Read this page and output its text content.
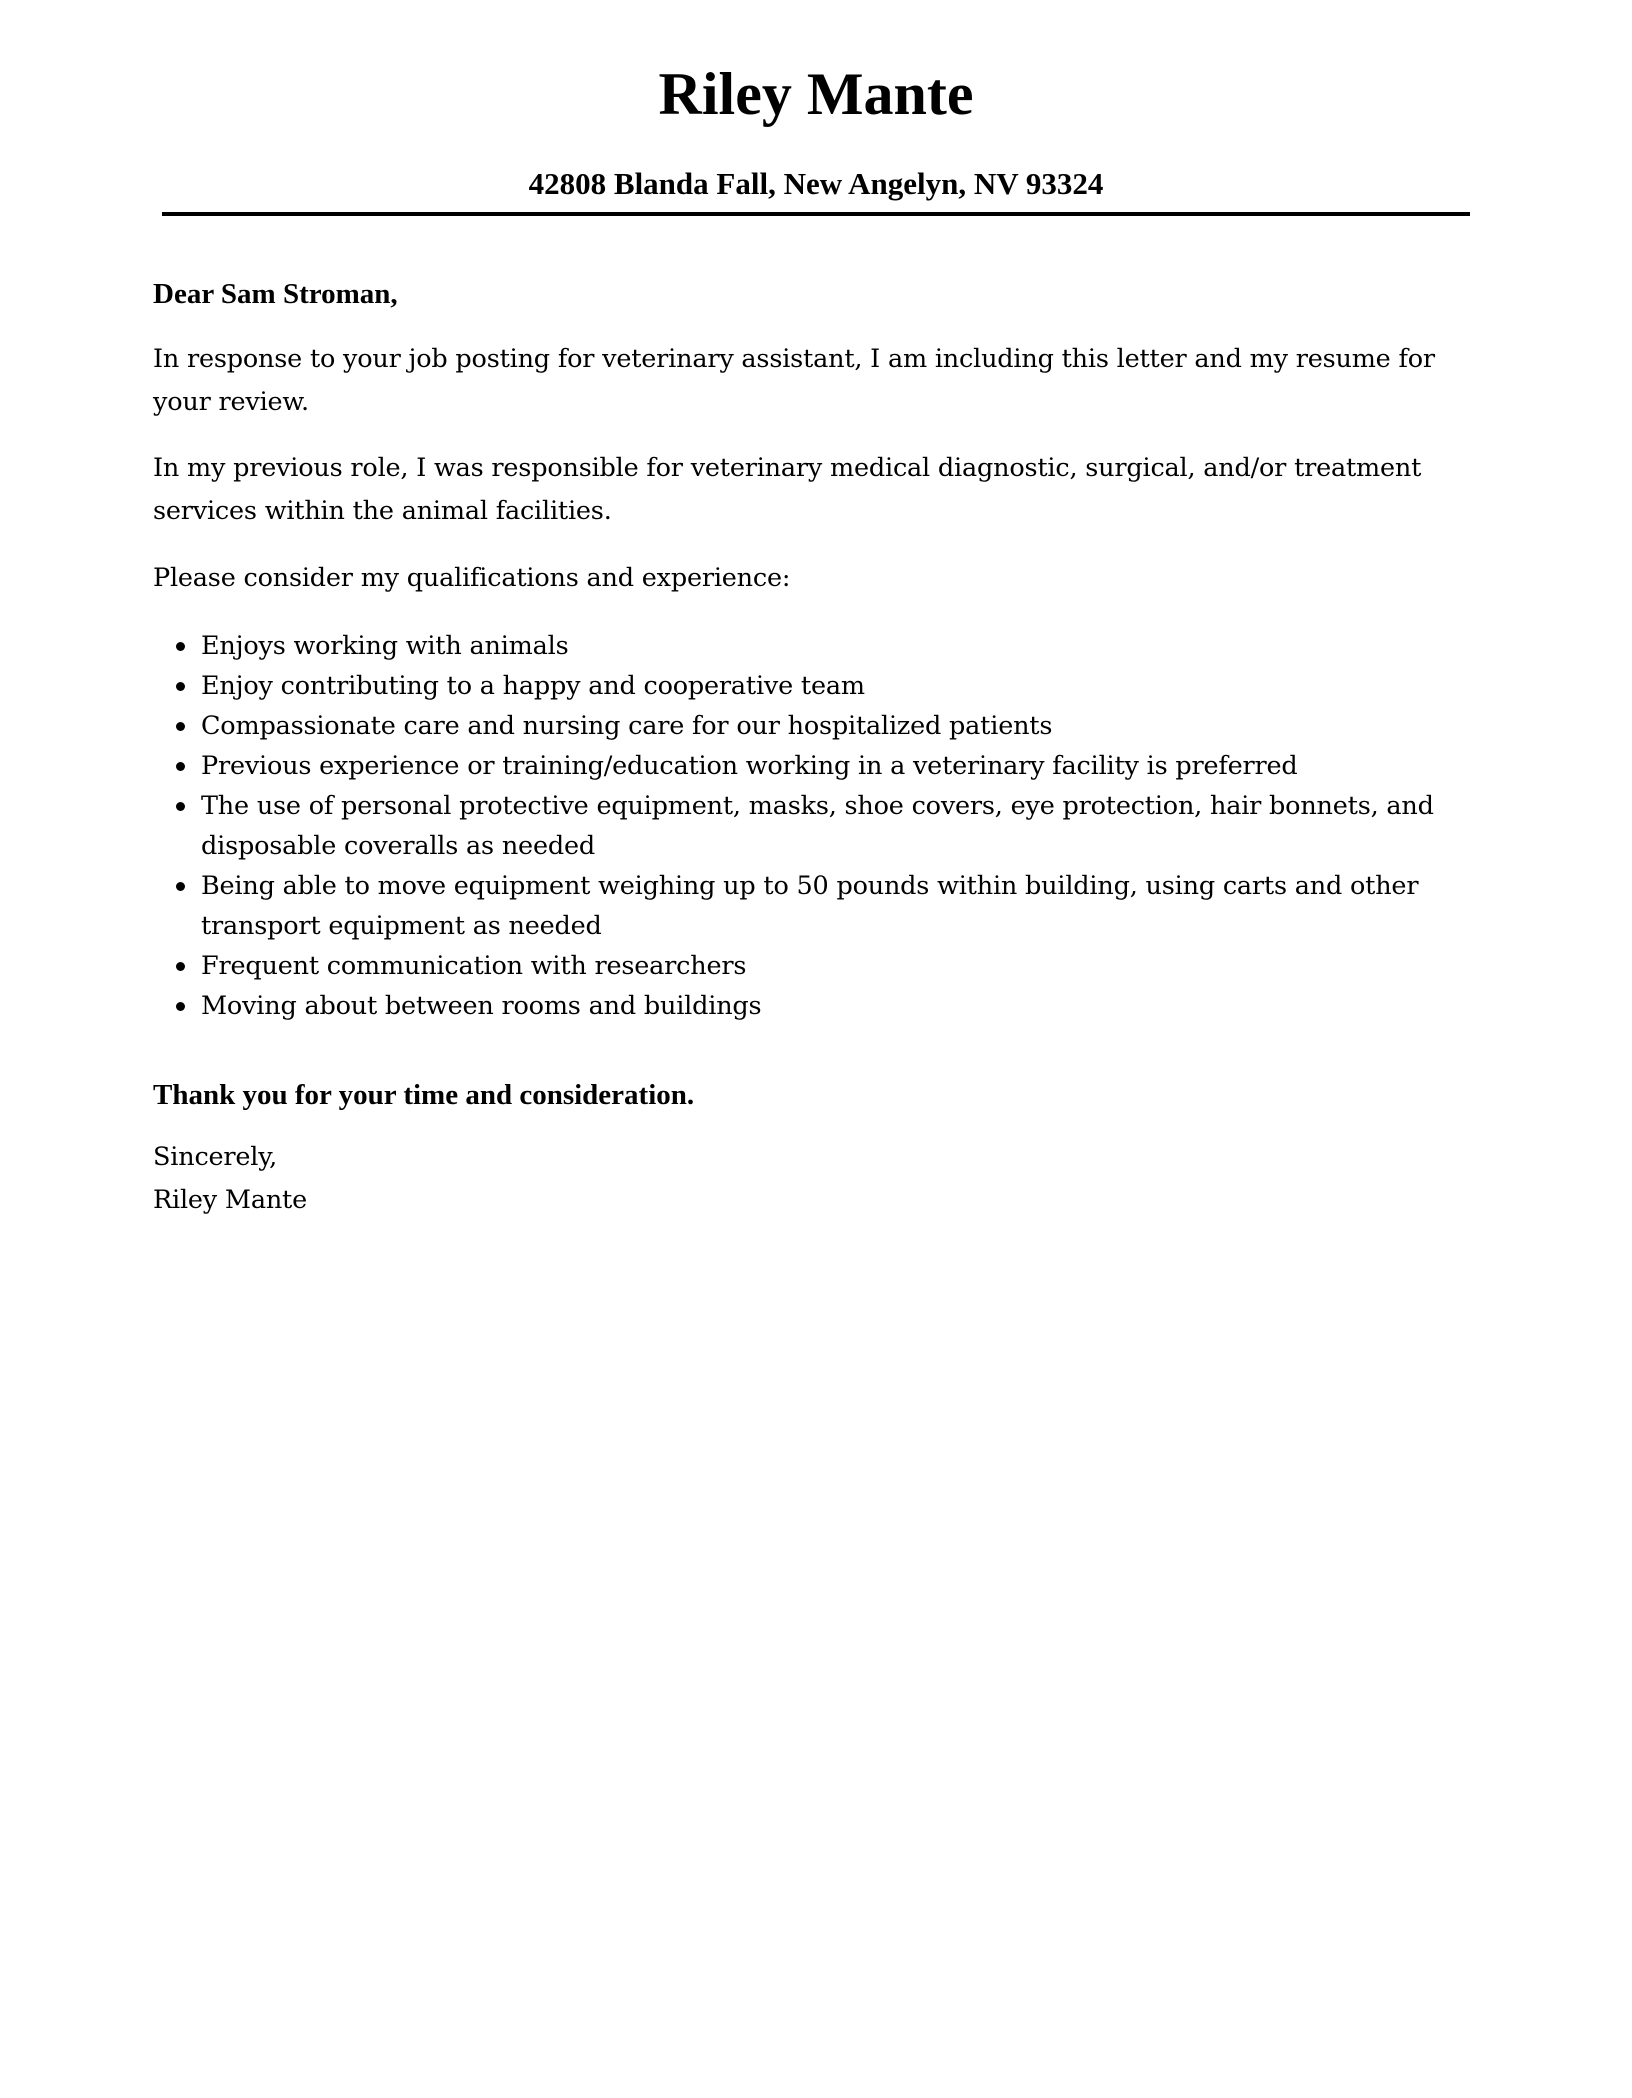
Riley Mante
42808 Blanda Fall, New Angelyn, NV 93324
Dear Sam Stroman,

In response to your job posting for veterinary assistant, I am including this letter and my resume for your review.

In my previous role, I was responsible for veterinary medical diagnostic, surgical, and/or treatment services within the animal facilities.

Please consider my qualifications and experience:

Enjoys working with animals
Enjoy contributing to a happy and cooperative team
Compassionate care and nursing care for our hospitalized patients
Previous experience or training/education working in a veterinary facility is preferred
The use of personal protective equipment, masks, shoe covers, eye protection, hair bonnets, and disposable coveralls as needed
Being able to move equipment weighing up to 50 pounds within building, using carts and other transport equipment as needed
Frequent communication with researchers
Moving about between rooms and buildings
Thank you for your time and consideration.
Sincerely,
Riley Mante
